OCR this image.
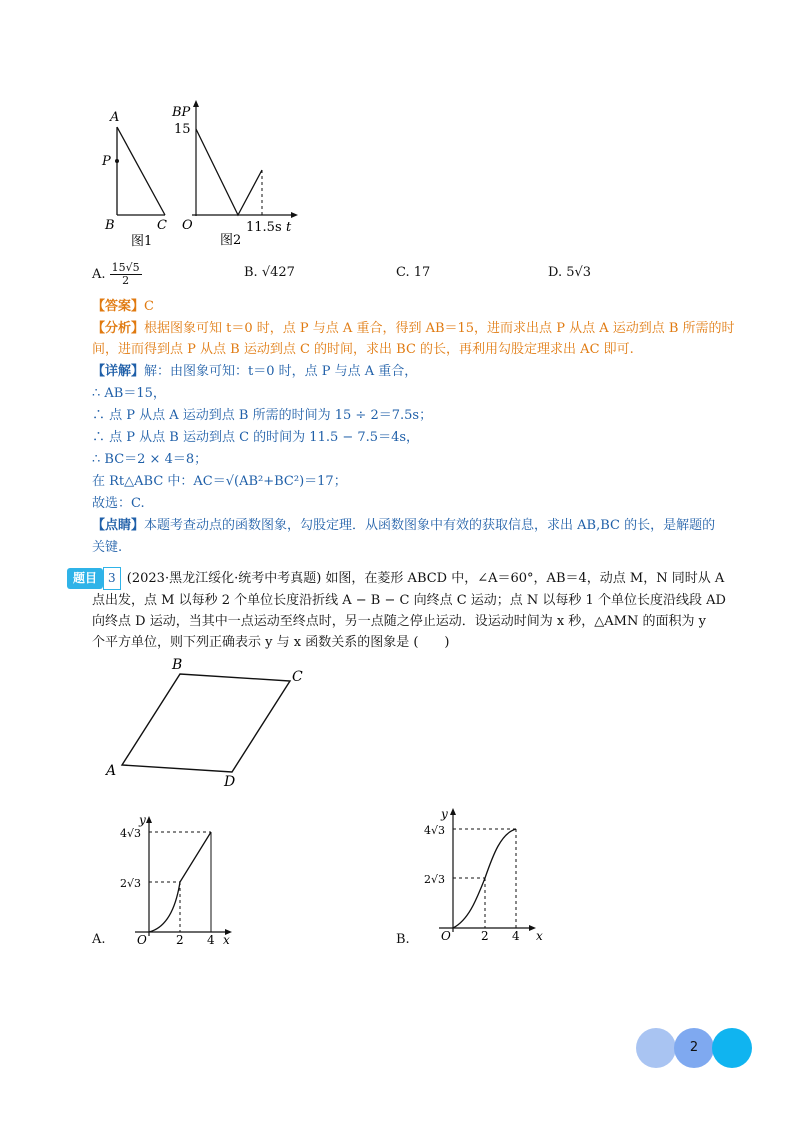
A
P
B	C
图1
BP
15
O	11.5s t
图2
A. $\frac{15√5}{2}$	B. √427	C. 17	D. 5√3
【答案】C
【分析】根据图象可知 t＝0 时，点 P 与点 A 重合，得到 AB＝15，进而求出点 P 从点 A 运动到点 B 所需的时
间，进而得到点 P 从点 B 运动到点 C 的时间，求出 BC 的长，再利用勾股定理求出 AC 即可.
【详解】解：由图象可知：t＝0 时，点 P 与点 A 重合，
∴ AB＝15，
∴ 点 P 从点 A 运动到点 B 所需的时间为 15 ÷ 2＝7.5s；
∴ 点 P 从点 B 运动到点 C 的时间为 11.5 − 7.5＝4s，
∴ BC＝2 × 4＝8；
在 Rt△ABC 中：AC＝√(AB²+BC²)＝17；
故选：C.
【点睛】本题考查动点的函数图象，勾股定理．从函数图象中有效的获取信息，求出 AB,BC 的长，是解题的
关键.
题目 3 (2023·黑龙江绥化·统考中考真题) 如图，在菱形 ABCD 中，∠A＝60°，AB＝4，动点 M，N 同时从 A
点出发，点 M 以每秒 2 个单位长度沿折线 A − B − C 向终点 C 运动；点 N 以每秒 1 个单位长度沿线段 AD
向终点 D 运动，当其中一点运动至终点时，另一点随之停止运动．设运动时间为 x 秒，△AMN 的面积为 y
个平方单位，则下列正确表示 y 与 x 函数关系的图象是 (　　)
A
B
C
D
A.
y
4√3
2√3
O 2 4 x	B.
y
4√3
2√3
O	2 4 x
2
